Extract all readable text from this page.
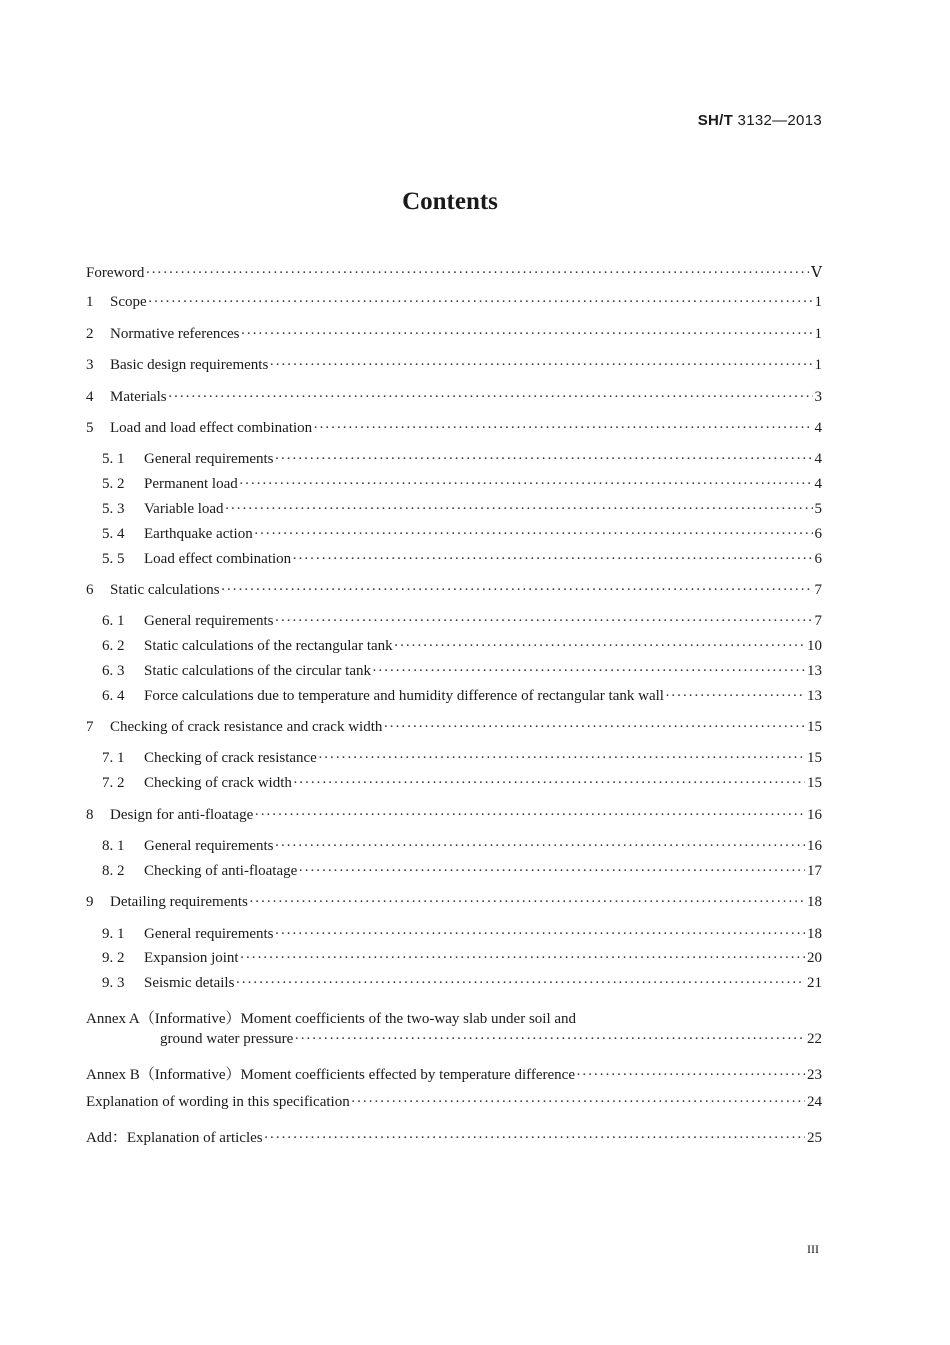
SH/T 3132—2013
Contents
Foreword ·····	Ⅴ
1	Scope ·····	1
2	Normative references ·····	1
3	Basic design requirements ·····	1
4	Materials ·····	3
5	Load and load effect combination ·····	4
5. 1	General requirements ·····	4
5. 2	Permanent load ·····	4
5. 3	Variable load ·····	5
5. 4	Earthquake action ·····	6
5. 5	Load effect combination ·····	6
6	Static calculations ·····	7
6. 1	General requirements ·····	7
6. 2	Static calculations of the rectangular tank ·····	10
6. 3	Static calculations of the circular tank ·····	13
6. 4	Force calculations due to temperature and humidity difference of rectangular tank wall ·····	13
7	Checking of crack resistance and crack width ·····	15
7. 1	Checking of crack resistance ·····	15
7. 2	Checking of crack width ·····	15
8	Design for anti-floatage ·····	16
8. 1	General requirements ·····	16
8. 2	Checking of anti-floatage ·····	17
9	Detailing requirements ·····	18
9. 1	General requirements ·····	18
9. 2	Expansion joint ·····	20
9. 3	Seismic details ·····	21
Annex A（Informative）Moment coefficients of the two-way slab under soil and
ground water pressure ·····	22
Annex B（Informative）Moment coefficients effected by temperature difference ·····	23
Explanation of wording in this specification ·····	24
Add：Explanation of articles ·····	25
III
